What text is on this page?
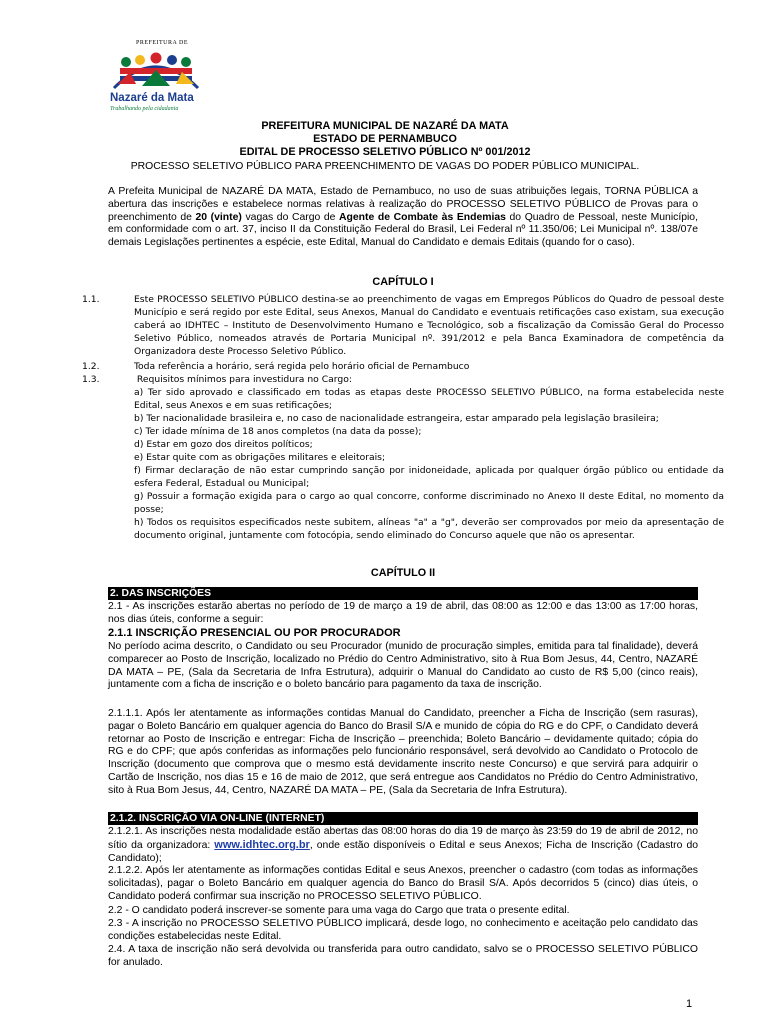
PREFEITURA DE
Nazaré da Mata
Trabalhando pela cidadania
PREFEITURA MUNICIPAL DE NAZARÉ DA MATA
ESTADO DE PERNAMBUCO
EDITAL DE PROCESSO SELETIVO PÚBLICO Nº 001/2012
PROCESSO SELETIVO PÚBLICO PARA PREENCHIMENTO DE VAGAS DO PODER PÚBLICO MUNICIPAL.
A Prefeita Municipal de NAZARÉ DA MATA, Estado de Pernambuco, no uso de suas atribuições legais, TORNA PÚBLICA a abertura das inscrições e estabelece normas relativas à realização do PROCESSO SELETIVO PÚBLICO de Provas para o preenchimento de 20 (vinte) vagas do Cargo de Agente de Combate às Endemias do Quadro de Pessoal, neste Município, em conformidade com o art. 37, inciso II da Constituição Federal do Brasil, Lei Federal nº 11.350/06; Lei Municipal nº. 138/07e demais Legislações pertinentes a espécie, este Edital, Manual do Candidato e demais Editais (quando for o caso).
CAPÍTULO I
1.1.	Este PROCESSO SELETIVO PÚBLICO destina-se ao preenchimento de vagas em Empregos Públicos do Quadro de pessoal deste Município e será regido por este Edital, seus Anexos, Manual do Candidato e eventuais retificações caso existam, sua execução caberá ao IDHTEC – Instituto de Desenvolvimento Humano e Tecnológico, sob a fiscalização da Comissão Geral do Processo Seletivo Público, nomeados através de Portaria Municipal nº. 391/2012 e pela Banca Examinadora de competência da Organizadora deste Processo Seletivo Público.
1.2.	Toda referência a horário, será regida pelo horário oficial de Pernambuco
1.3.	Requisitos mínimos para investidura no Cargo:
a) Ter sido aprovado e classificado em todas as etapas deste PROCESSO SELETIVO PÚBLICO, na forma estabelecida neste Edital, seus Anexos e em suas retificações;
b) Ter nacionalidade brasileira e, no caso de nacionalidade estrangeira, estar amparado pela legislação brasileira;
c) Ter idade mínima de 18 anos completos (na data da posse);
d) Estar em gozo dos direitos políticos;
e) Estar quite com as obrigações militares e eleitorais;
f) Firmar declaração de não estar cumprindo sanção por inidoneidade, aplicada por qualquer órgão público ou entidade da esfera Federal, Estadual ou Municipal;
g) Possuir a formação exigida para o cargo ao qual concorre, conforme discriminado no Anexo II deste Edital, no momento da posse;
h) Todos os requisitos especificados neste subitem, alíneas "a" a "g", deverão ser comprovados por meio da apresentação de documento original, juntamente com fotocópia, sendo eliminado do Concurso aquele que não os apresentar.
CAPÍTULO II
2. DAS INSCRIÇÕES
2.1 - As inscrições estarão abertas no período de 19 de março a 19 de abril, das 08:00 as 12:00 e das 13:00 as 17:00 horas, nos dias úteis, conforme a seguir:
2.1.1 INSCRIÇÃO PRESENCIAL OU POR PROCURADOR
No período acima descrito, o Candidato ou seu Procurador (munido de procuração simples, emitida para tal finalidade), deverá comparecer ao Posto de Inscrição, localizado no Prédio do Centro Administrativo, sito à Rua Bom Jesus, 44, Centro, NAZARÉ DA MATA – PE, (Sala da Secretaria de Infra Estrutura), adquirir o Manual do Candidato ao custo de R$ 5,00 (cinco reais), juntamente com a ficha de inscrição e o boleto bancário para pagamento da taxa de inscrição.
2.1.1.1. Após ler atentamente as informações contidas Manual do Candidato, preencher a Ficha de Inscrição (sem rasuras), pagar o Boleto Bancário em qualquer agencia do Banco do Brasil S/A e munido de cópia do RG e do CPF, o Candidato deverá retornar ao Posto de Inscrição e entregar: Ficha de Inscrição – preenchida; Boleto Bancário – devidamente quitado; cópia do RG e do CPF; que após conferidas as informações pelo funcionário responsável, será devolvido ao Candidato o Protocolo de Inscrição (documento que comprova que o mesmo está devidamente inscrito neste Concurso) e que servirá para adquirir o Cartão de Inscrição, nos dias 15 e 16 de maio de 2012, que será entregue aos Candidatos no Prédio do Centro Administrativo, sito à Rua Bom Jesus, 44, Centro, NAZARÉ DA MATA – PE, (Sala da Secretaria de Infra Estrutura).
2.1.2. INSCRIÇÃO VIA ON-LINE (INTERNET)
2.1.2.1. As inscrições nesta modalidade estão abertas das 08:00 horas do dia 19 de março às 23:59 do 19 de abril de 2012, no sítio da organizadora: www.idhtec.org.br, onde estão disponíveis o Edital e seus Anexos; Ficha de Inscrição (Cadastro do Candidato);
2.1.2.2. Após ler atentamente as informações contidas Edital e seus Anexos, preencher o cadastro (com todas as informações solicitadas), pagar o Boleto Bancário em qualquer agencia do Banco do Brasil S/A. Após decorridos 5 (cinco) dias úteis, o Candidato poderá confirmar sua inscrição no PROCESSO SELETIVO PÚBLICO.
2.2 - O candidato poderá inscrever-se somente para uma vaga do Cargo que trata o presente edital.
2.3 - A inscrição no PROCESSO SELETIVO PÚBLICO implicará, desde logo, no conhecimento e aceitação pelo candidato das condições estabelecidas neste Edital.
2.4. A taxa de inscrição não será devolvida ou transferida para outro candidato, salvo se o PROCESSO SELETIVO PÚBLICO for anulado.
1
